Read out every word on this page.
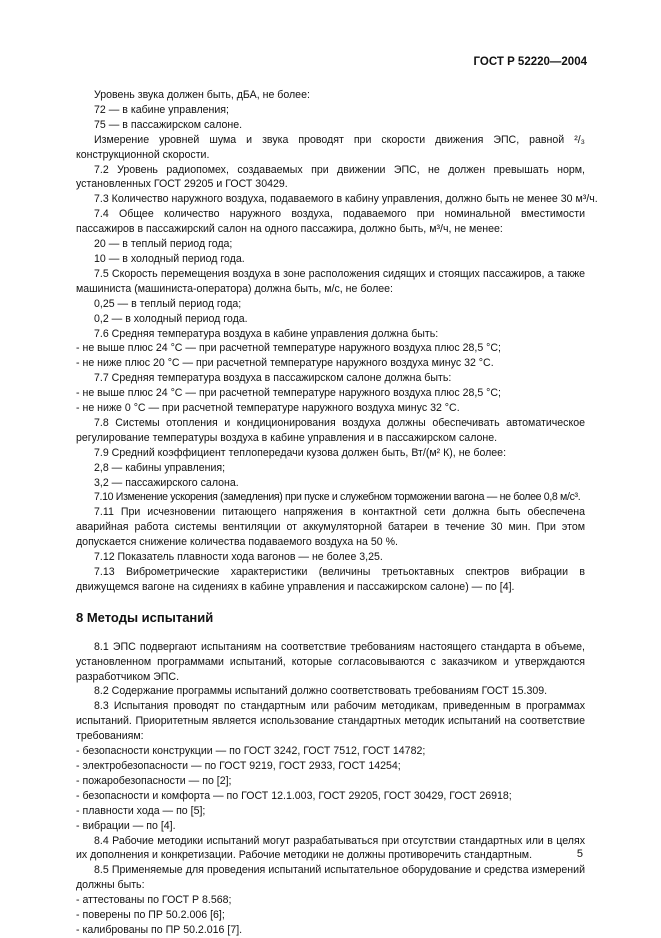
ГОСТ Р 52220—2004

Уровень звука должен быть, дБА, не более:

72 — в кабине управления;

75 — в пассажирском салоне.

Измерение уровней шума и звука проводят при скорости движения ЭПС, равной ²/₃ конструкционной скорости.

7.2 Уровень радиопомех, создаваемых при движении ЭПС, не должен превышать норм, установленных ГОСТ 29205 и ГОСТ 30429.

7.3 Количество наружного воздуха, подаваемого в кабину управления, должно быть не менее 30 м³/ч.

7.4 Общее количество наружного воздуха, подаваемого при номинальной вместимости пассажиров в пассажирский салон на одного пассажира, должно быть, м³/ч, не менее:

20 — в теплый период года;

10 — в холодный период года.

7.5 Скорость перемещения воздуха в зоне расположения сидящих и стоящих пассажиров, а также машиниста (машиниста-оператора) должна быть, м/с, не более:

0,25 — в теплый период года;

0,2 — в холодный период года.

7.6 Средняя температура воздуха в кабине управления должна быть:

- не выше плюс 24 °С — при расчетной температуре наружного воздуха плюс 28,5 °С;

- не ниже плюс 20 °С — при расчетной температуре наружного воздуха минус 32 °С.

7.7 Средняя температура воздуха в пассажирском салоне должна быть:

- не выше плюс 24 °С — при расчетной температуре наружного воздуха плюс 28,5 °С;

- не ниже 0 °С — при расчетной температуре наружного воздуха минус 32 °С.

7.8 Системы отопления и кондиционирования воздуха должны обеспечивать автоматическое регулирование температуры воздуха в кабине управления и в пассажирском салоне.

7.9 Средний коэффициент теплопередачи кузова должен быть, Вт/(м² К), не более:

2,8 — кабины управления;

3,2 — пассажирского салона.

7.10 Изменение ускорения (замедления) при пуске и служебном торможении вагона — не более 0,8 м/с³.

7.11 При исчезновении питающего напряжения в контактной сети должна быть обеспечена аварийная работа системы вентиляции от аккумуляторной батареи в течение 30 мин. При этом допускается снижение количества подаваемого воздуха на 50 %.

7.12 Показатель плавности хода вагонов — не более 3,25.

7.13 Виброметрические характеристики (величины третьоктавных спектров вибрации в движущемся вагоне на сидениях в кабине управления и пассажирском салоне) — по [4].

8 Методы испытаний

8.1 ЭПС подвергают испытаниям на соответствие требованиям настоящего стандарта в объеме, установленном программами испытаний, которые согласовываются с заказчиком и утверждаются разработчиком ЭПС.

8.2 Содержание программы испытаний должно соответствовать требованиям ГОСТ 15.309.

8.3 Испытания проводят по стандартным или рабочим методикам, приведенным в программах испытаний. Приоритетным является использование стандартных методик испытаний на соответствие требованиям:

- безопасности конструкции — по ГОСТ 3242, ГОСТ 7512, ГОСТ 14782;

- электробезопасности — по ГОСТ 9219, ГОСТ 2933, ГОСТ 14254;

- пожаробезопасности — по [2];

- безопасности и комфорта — по ГОСТ 12.1.003, ГОСТ 29205, ГОСТ 30429, ГОСТ 26918;

- плавности хода — по [5];

- вибрации — по [4].

8.4 Рабочие методики испытаний могут разрабатываться при отсутствии стандартных или в целях их дополнения и конкретизации. Рабочие методики не должны противоречить стандартным.

8.5 Применяемые для проведения испытаний испытательное оборудование и средства измерений должны быть:

- аттестованы по ГОСТ Р 8.568;

- поверены по ПР 50.2.006 [6];

- калиброваны по ПР 50.2.016 [7].

5
